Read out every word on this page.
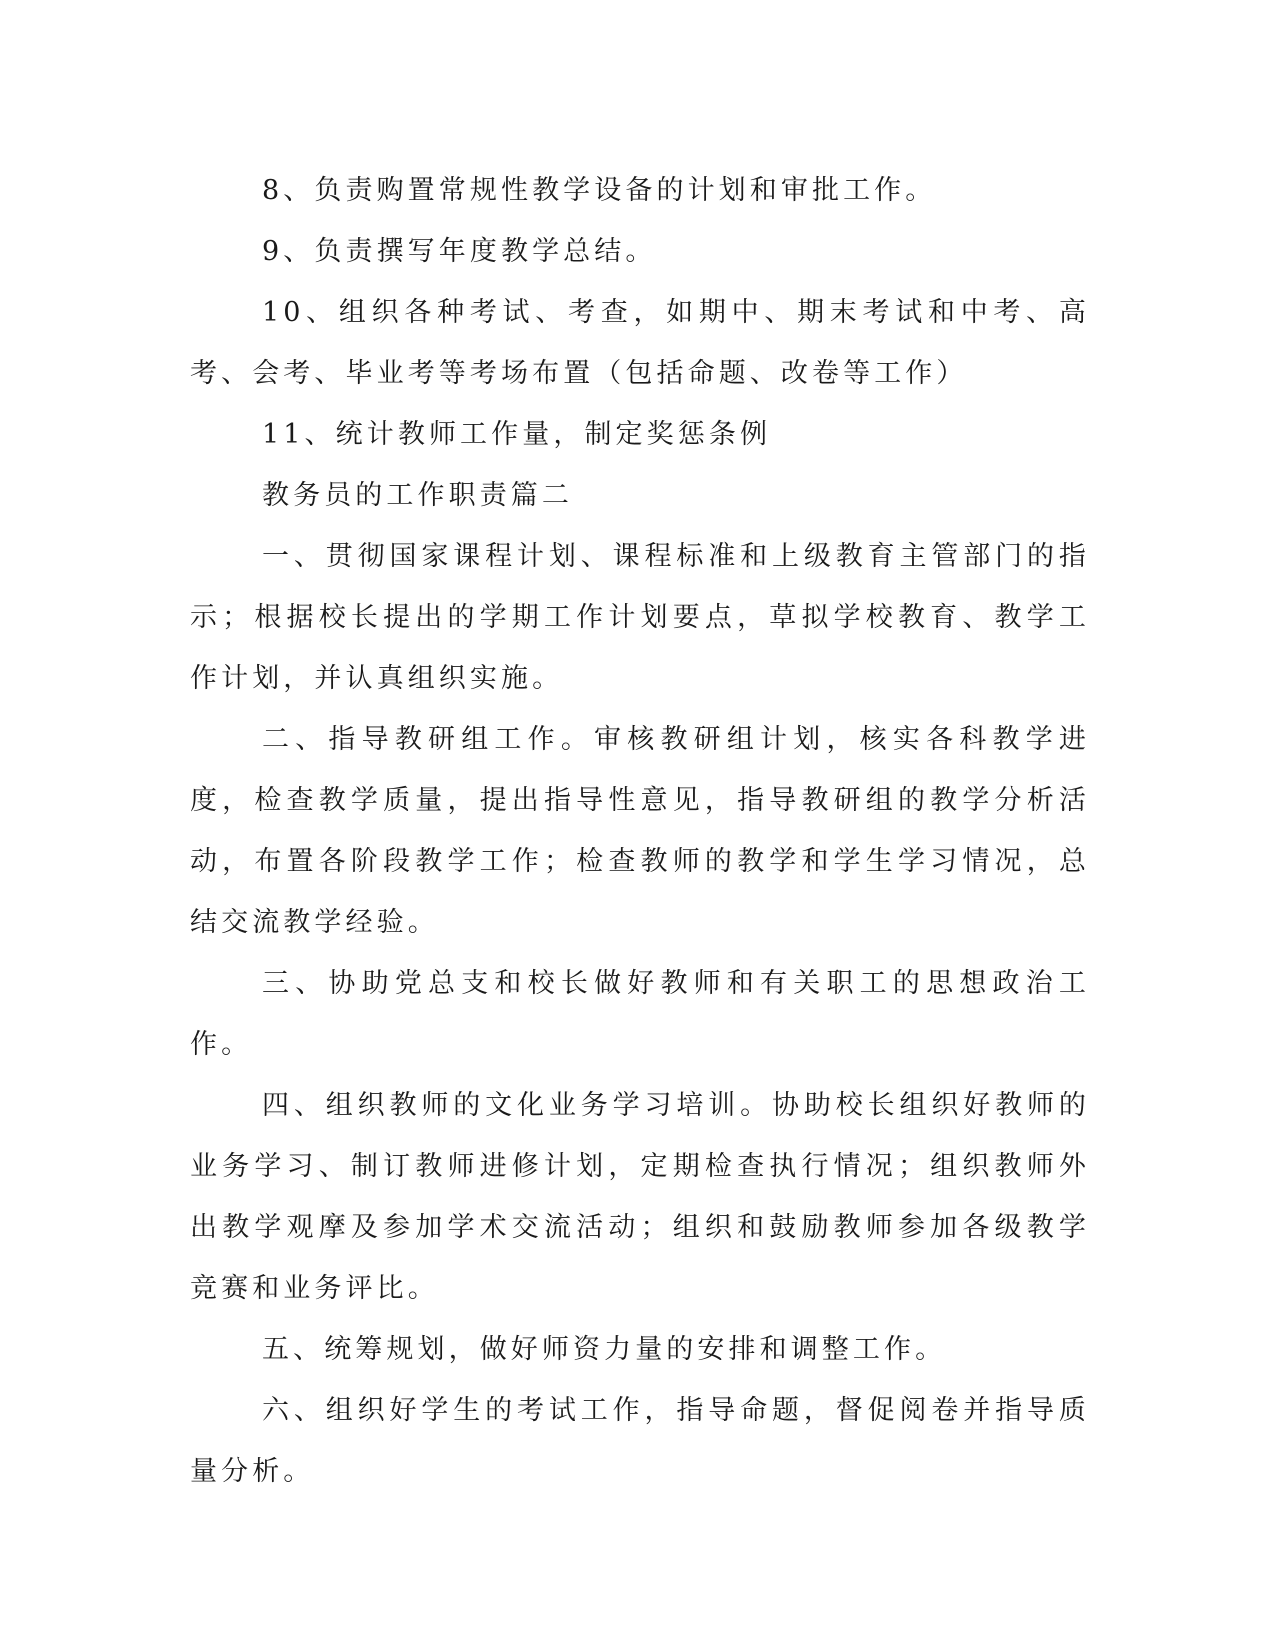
8、负责购置常规性教学设备的计划和审批工作。

9、负责撰写年度教学总结。

10、组织各种考试、考查，如期中、期末考试和中考、高考、会考、毕业考等考场布置（包括命题、改卷等工作）

11、统计教师工作量，制定奖惩条例

教务员的工作职责篇二

一、贯彻国家课程计划、课程标准和上级教育主管部门的指示；根据校长提出的学期工作计划要点，草拟学校教育、教学工作计划，并认真组织实施。

二、指导教研组工作。审核教研组计划，核实各科教学进度，检查教学质量，提出指导性意见，指导教研组的教学分析活动，布置各阶段教学工作；检查教师的教学和学生学习情况，总结交流教学经验。

三、协助党总支和校长做好教师和有关职工的思想政治工作。

四、组织教师的文化业务学习培训。协助校长组织好教师的业务学习、制订教师进修计划，定期检查执行情况；组织教师外出教学观摩及参加学术交流活动；组织和鼓励教师参加各级教学竞赛和业务评比。

五、统筹规划，做好师资力量的安排和调整工作。

六、组织好学生的考试工作，指导命题，督促阅卷并指导质量分析。
